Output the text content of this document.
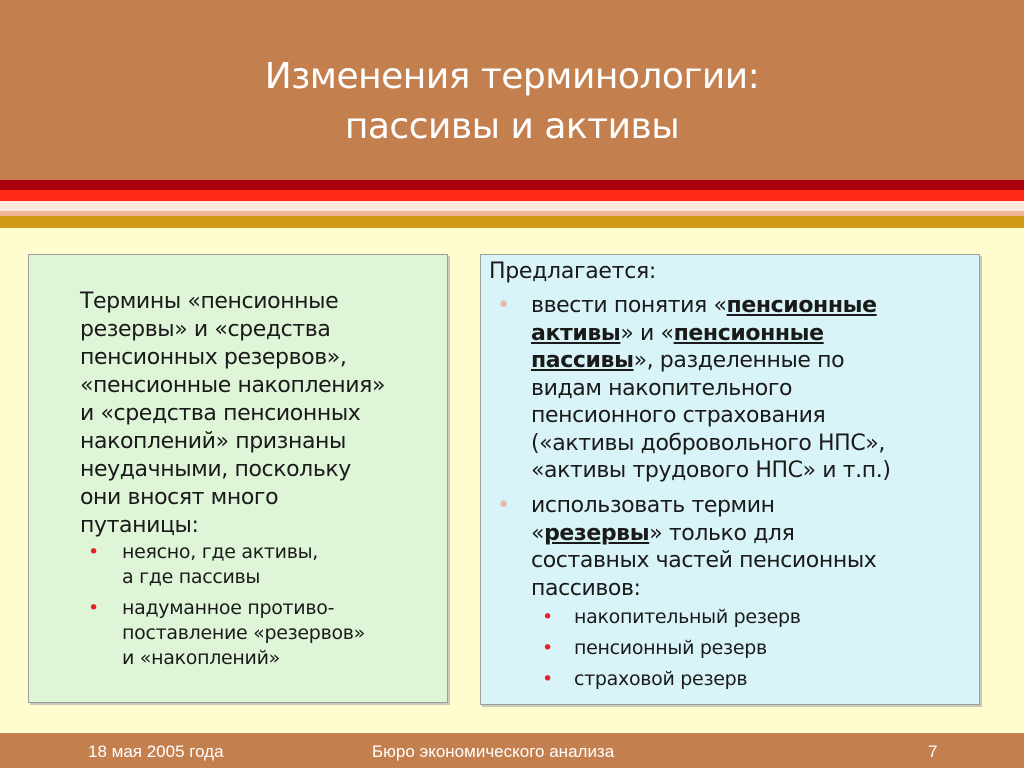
Изменения терминологии:
пассивы и активы
Термины «пенсионные
резервы» и «средства
пенсионных резервов»,
«пенсионные накопления»
и «средства пенсионных
накоплений» признаны
неудачными, поскольку
они вносят много
путаницы:
• неясно, где активы,
а где пассивы
• надуманное противо-
поставление «резервов»
и «накоплений»
Предлагается:
• ввести понятия «пенсионные
активы» и «пенсионные
пассивы», разделенные по
видам накопительного
пенсионного страхования
(«активы добровольного НПС»,
«активы трудового НПС» и т.п.)
• использовать термин
«резервы» только для
составных частей пенсионных
пассивов:
• накопительный резерв
• пенсионный резерв
• страховой резерв
18 мая 2005 года	Бюро экономического анализа	7
